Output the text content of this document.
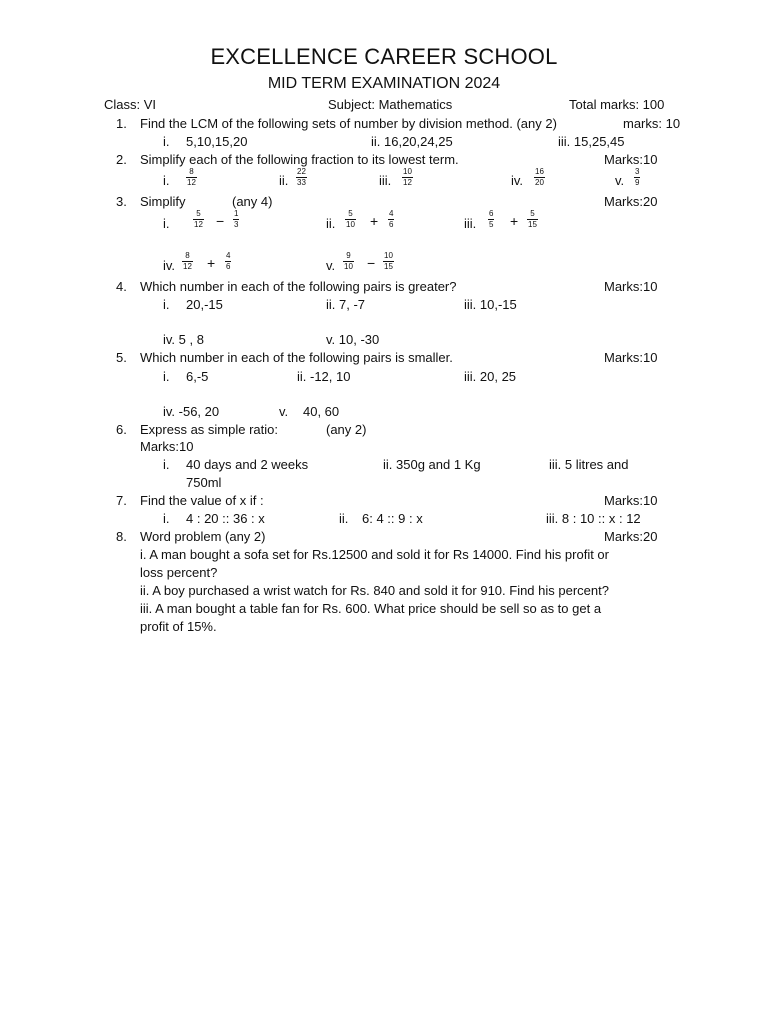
EXCELLENCE CAREER SCHOOL
MID TERM EXAMINATION 2024
Class: VI	Subject: Mathematics	Total marks: 100
1. Find the LCM of the following sets of number by division method. (any 2)	marks: 10
i. 5,10,15,20	ii. 16,20,24,25	iii. 15,25,45
2. Simplify each of the following fraction to its lowest term.	Marks:10
i. $\frac{8}{12}$	ii. $\frac{22}{33}$	iii. $\frac{10}{12}$	iv. $\frac{16}{20}$	v. $\frac{3}{9}$
3. Simplify	(any 4)	Marks:20
i.	$\frac{5}{12} - \frac{1}{3}$	ii. $\frac{5}{10} + \frac{4}{6}$	iii. $\frac{6}{5} + \frac{5}{15}$
iv. $\frac{8}{12} + \frac{4}{6}$	v. $\frac{9}{10} - \frac{10}{15}$
4. Which number in each of the following pairs is greater?	Marks:10
i. 20,-15	ii. 7, -7	iii. 10,-15
iv. 5 , 8	v. 10, -30
5. Which number in each of the following pairs is smaller.	Marks:10
i. 6,-5	ii. -12, 10	iii. 20, 25
iv. -56, 20	v. 40, 60
6. Express as simple ratio:	(any 2)
Marks:10
i. 40 days and 2 weeks	ii. 350g and 1 Kg	iii. 5 litres and
750ml
7. Find the value of x if :	Marks:10
i. 4 : 20 :: 36 : x	ii. 6: 4 :: 9 : x	iii. 8 : 10 :: x : 12
8. Word problem (any 2)	Marks:20
i. A man bought a sofa set for Rs.12500 and sold it for Rs 14000. Find his profit or
loss percent?
ii. A boy purchased a wrist watch for Rs. 840 and sold it for 910. Find his percent?
iii. A man bought a table fan for Rs. 600. What price should be sell so as to get a
profit of 15%.
